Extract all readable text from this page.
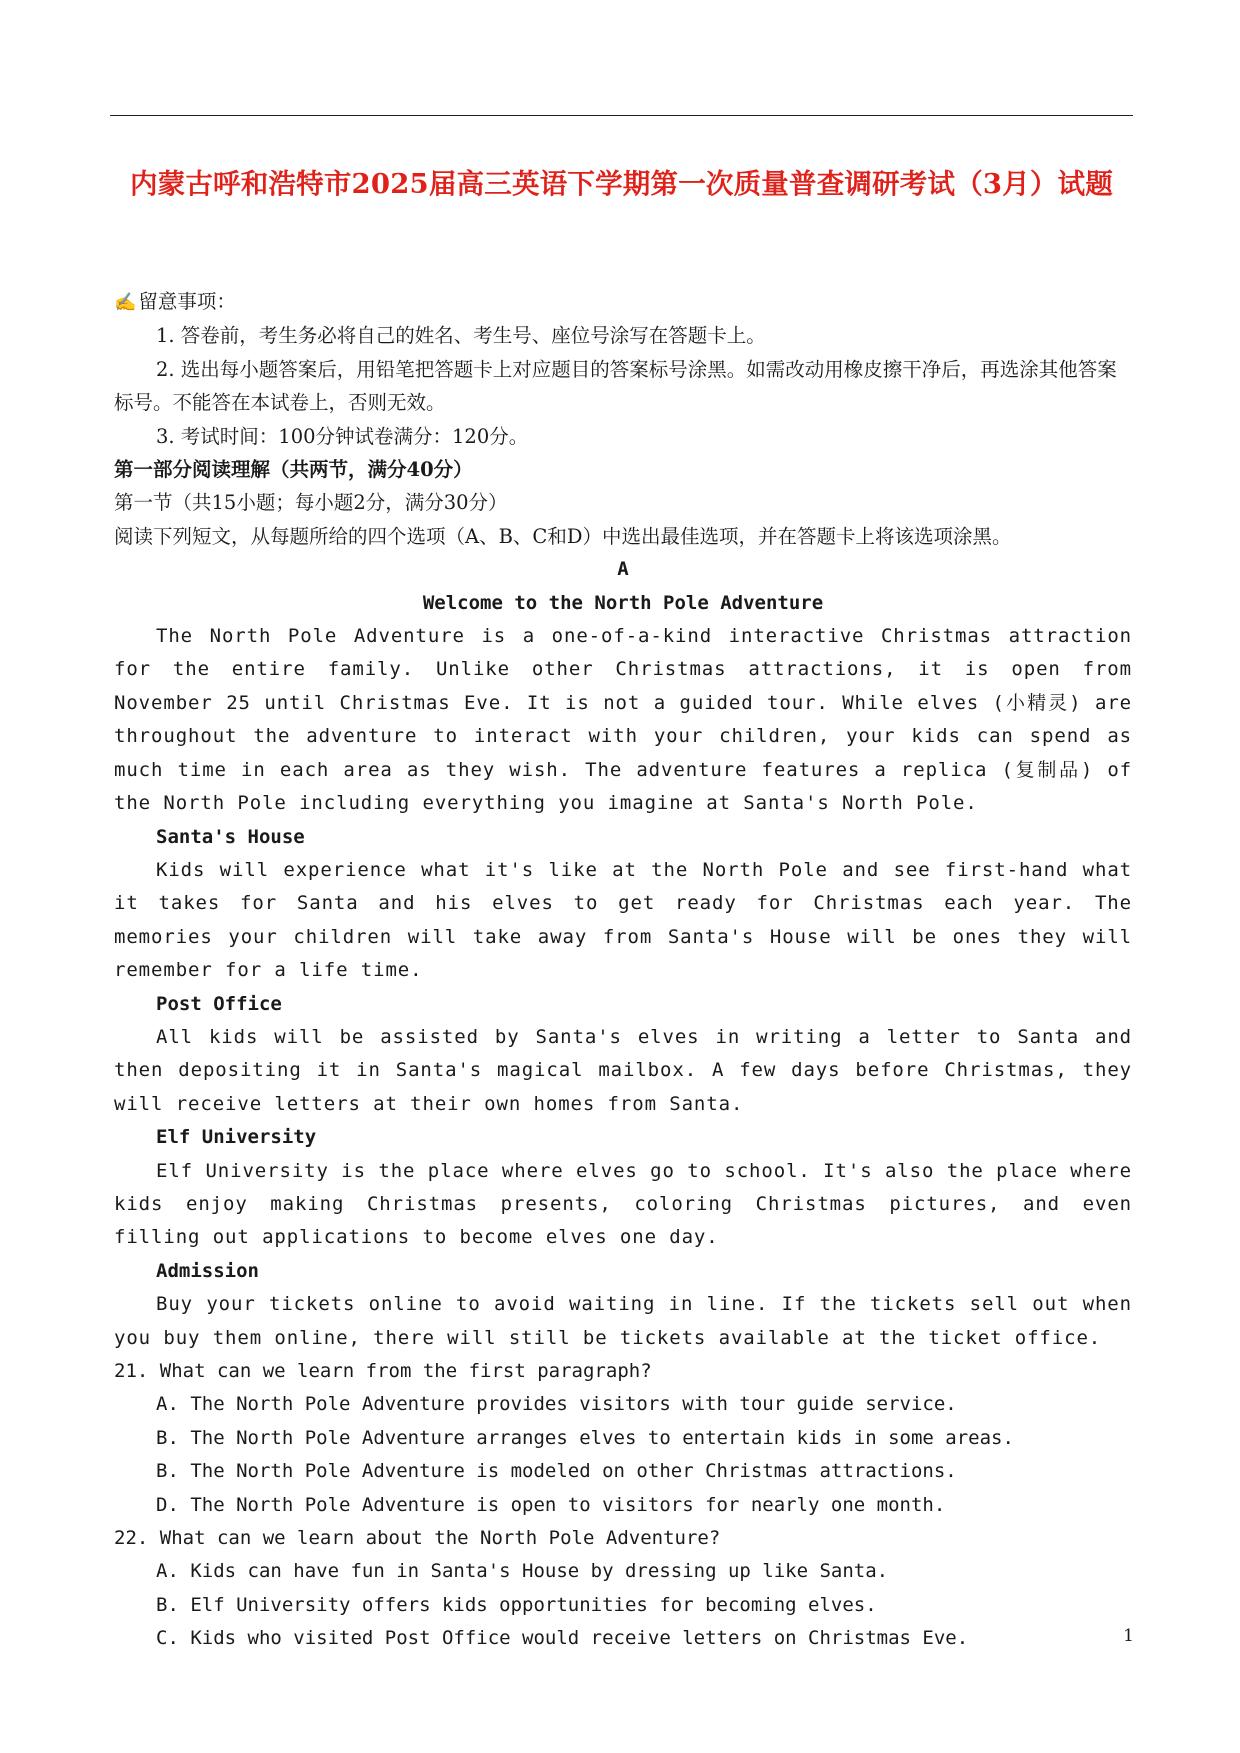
内蒙古呼和浩特市2025届高三英语下学期第一次质量普查调研考试（3月）试题

✍ 留意事项：

1. 答卷前，考生务必将自己的姓名、考生号、座位号涂写在答题卡上。

2. 选出每小题答案后，用铅笔把答题卡上对应题目的答案标号涂黑。如需改动用橡皮擦干净后，再选涂其他答案标号。不能答在本试卷上，否则无效。

3. 考试时间：100分钟试卷满分：120分。

第一部分阅读理解（共两节，满分40分）

第一节（共15小题；每小题2分，满分30分）

阅读下列短文，从每题所给的四个选项（A、B、C和D）中选出最佳选项，并在答题卡上将该选项涂黑。

A

Welcome to the North Pole Adventure

The North Pole Adventure is a one-of-a-kind interactive Christmas attraction for the entire family. Unlike other Christmas attractions, it is open from November 25 until Christmas Eve. It is not a guided tour. While elves (小精灵) are throughout the adventure to interact with your children, your kids can spend as much time in each area as they wish. The adventure features a replica (复制品) of the North Pole including everything you imagine at Santa's North Pole.

Santa's House

Kids will experience what it's like at the North Pole and see first-hand what it takes for Santa and his elves to get ready for Christmas each year. The memories your children will take away from Santa's House will be ones they will remember for a life time.

Post Office

All kids will be assisted by Santa's elves in writing a letter to Santa and then depositing it in Santa's magical mailbox. A few days before Christmas, they will receive letters at their own homes from Santa.

Elf University

Elf University is the place where elves go to school. It's also the place where kids enjoy making Christmas presents, coloring Christmas pictures, and even filling out applications to become elves one day.

Admission

Buy your tickets online to avoid waiting in line. If the tickets sell out when you buy them online, there will still be tickets available at the ticket office.

21. What can we learn from the first paragraph?

A. The North Pole Adventure provides visitors with tour guide service.

B. The North Pole Adventure arranges elves to entertain kids in some areas.

B. The North Pole Adventure is modeled on other Christmas attractions.

D. The North Pole Adventure is open to visitors for nearly one month.

22. What can we learn about the North Pole Adventure?

A. Kids can have fun in Santa's House by dressing up like Santa.

B. Elf University offers kids opportunities for becoming elves.

C. Kids who visited Post Office would receive letters on Christmas Eve.	1
